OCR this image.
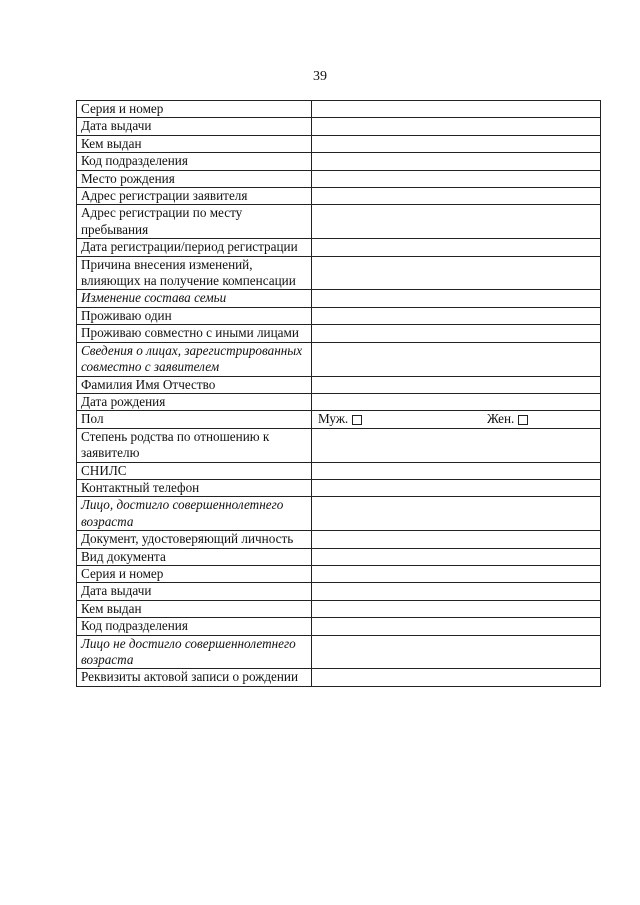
39
Серия и номер	
Дата выдачи	
Кем выдан	
Код подразделения	
Место рождения	
Адрес регистрации заявителя	
Адрес регистрации по месту пребывания	
Дата регистрации/период регистрации	
Причина внесения изменений, влияющих на получение компенсации	
Изменение состава семьи	
Проживаю один	
Проживаю совместно с иными лицами	
Сведения о лицах, зарегистрированных совместно с заявителем	
Фамилия Имя Отчество	
Дата рождения	
Пол	Муж. Жен.

Степень родства по отношению к заявителю	
СНИЛС	
Контактный телефон	
Лицо, достигло совершеннолетнего возраста	
Документ, удостоверяющий личность	
Вид документа	
Серия и номер	
Дата выдачи	
Кем выдан	
Код подразделения	
Лицо не достигло совершеннолетнего возраста	
Реквизиты актовой записи о рождении	
